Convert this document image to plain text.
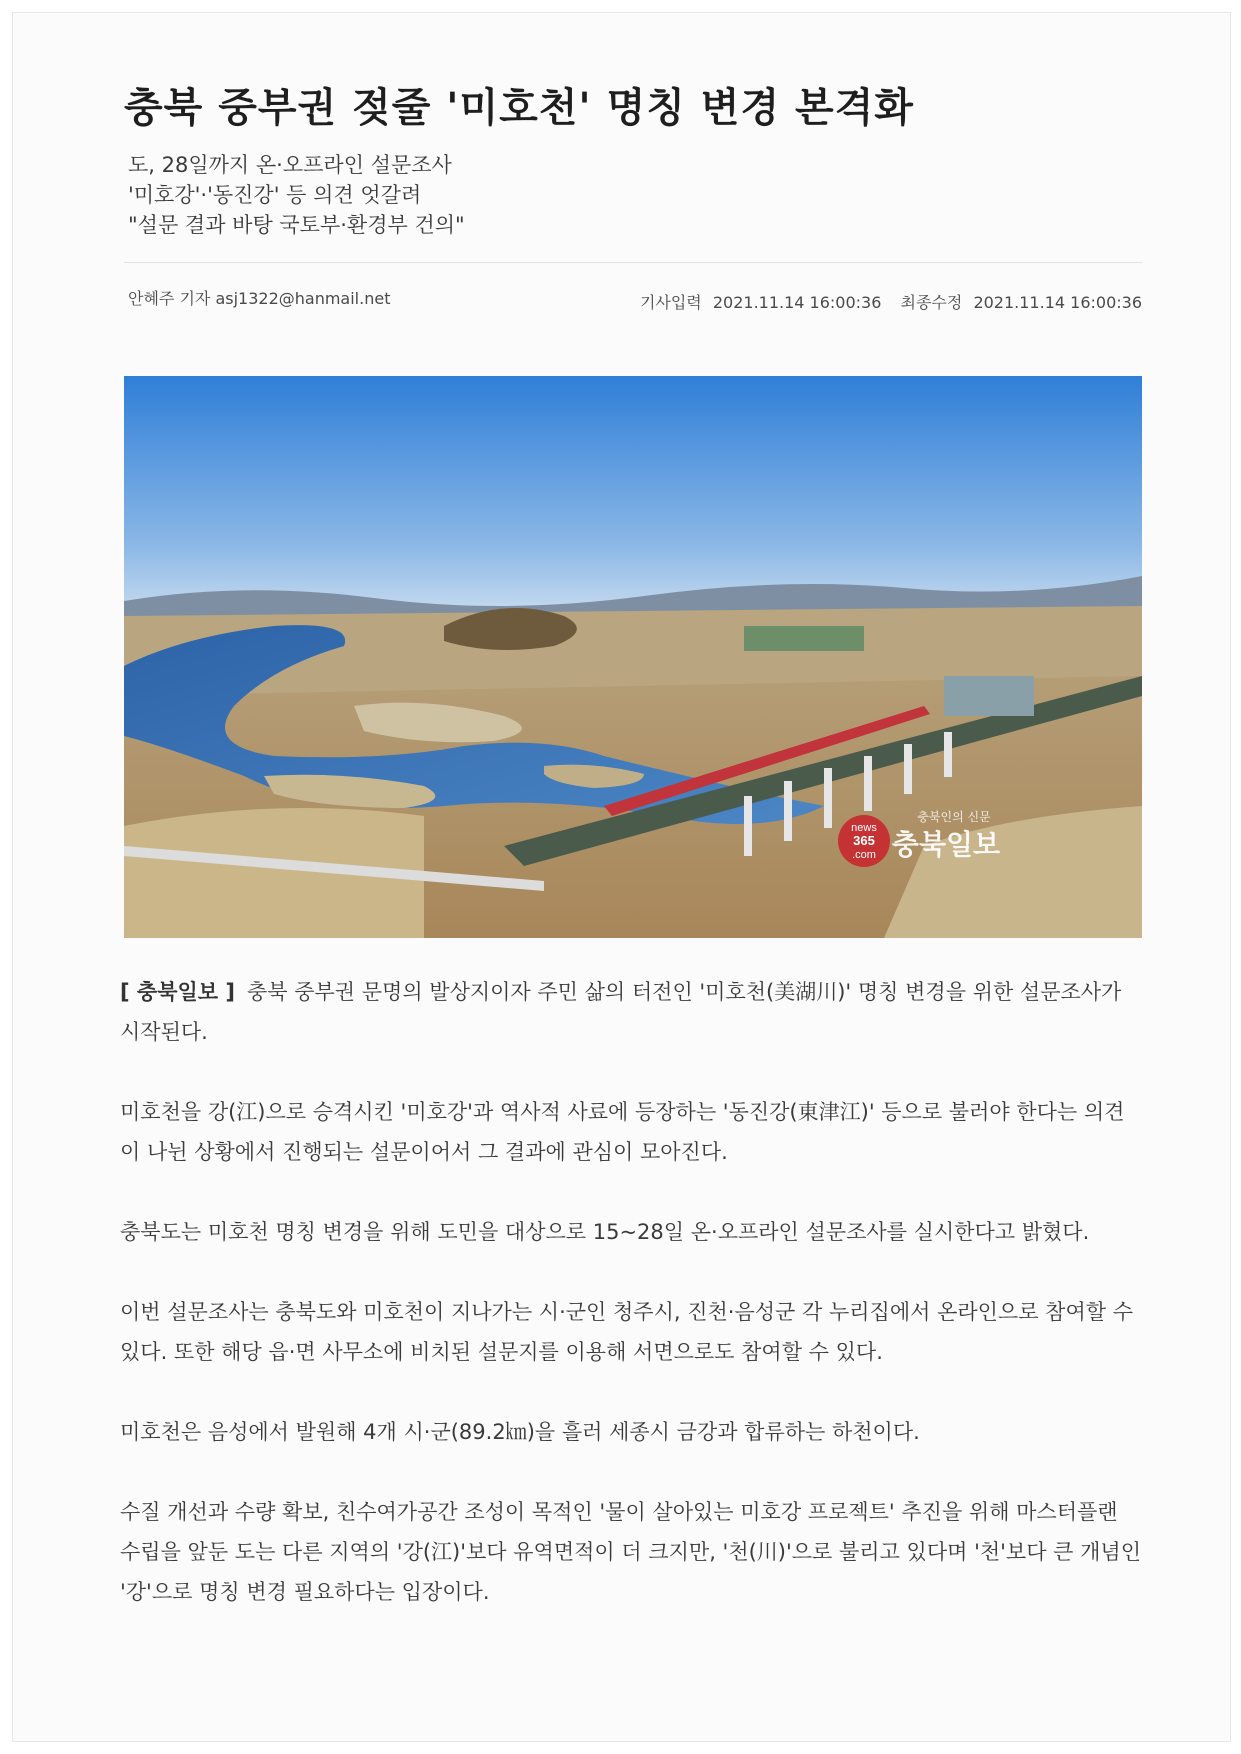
충북 중부권 젖줄 '미호천' 명칭 변경 본격화
도, 28일까지 온·오프라인 설문조사
'미호강'·'동진강' 등 의견 엇갈려
"설문 결과 바탕 국토부·환경부 건의"
안혜주 기자 asj1322@hanmail.net	기사입력 2021.11.14 16:00:36 최종수정 2021.11.14 16:00:36
news
365
.com
충북인의 신문
충북일보

[ 충북일보 ] 충북 중부권 문명의 발상지이자 주민 삶의 터전인 '미호천(美湖川)' 명칭 변경을 위한 설문조사가 시작된다.

미호천을 강(江)으로 승격시킨 '미호강'과 역사적 사료에 등장하는 '동진강(東津江)' 등으로 불러야 한다는 의견이 나뉜 상황에서 진행되는 설문이어서 그 결과에 관심이 모아진다.

충북도는 미호천 명칭 변경을 위해 도민을 대상으로 15~28일 온·오프라인 설문조사를 실시한다고 밝혔다.

이번 설문조사는 충북도와 미호천이 지나가는 시·군인 청주시, 진천·음성군 각 누리집에서 온라인으로 참여할 수 있다. 또한 해당 읍·면 사무소에 비치된 설문지를 이용해 서면으로도 참여할 수 있다.

미호천은 음성에서 발원해 4개 시·군(89.2㎞)을 흘러 세종시 금강과 합류하는 하천이다.

수질 개선과 수량 확보, 친수여가공간 조성이 목적인 '물이 살아있는 미호강 프로젝트' 추진을 위해 마스터플랜 수립을 앞둔 도는 다른 지역의 '강(江)'보다 유역면적이 더 크지만, '천(川)'으로 불리고 있다며 '천'보다 큰 개념인 '강'으로 명칭 변경 필요하다는 입장이다.
